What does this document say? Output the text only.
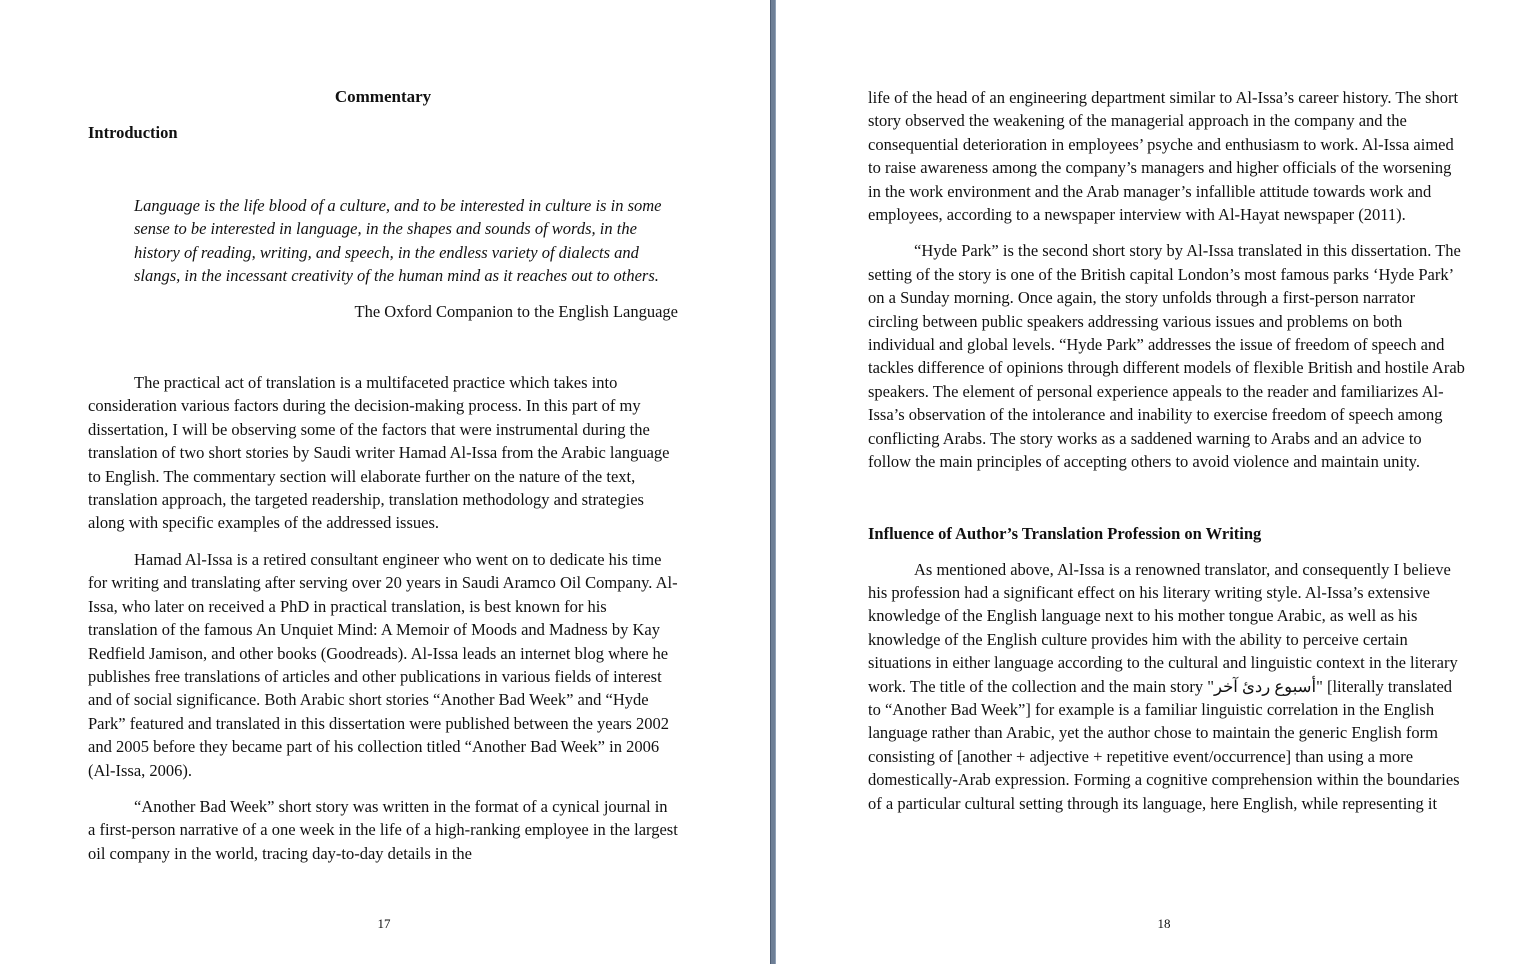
Commentary
Introduction
Language is the life blood of a culture, and to be interested in culture is in some sense to be interested in language, in the shapes and sounds of words, in the history of reading, writing, and speech, in the endless variety of dialects and slangs, in the incessant creativity of the human mind as it reaches out to others.
The Oxford Companion to the English Language

The practical act of translation is a multifaceted practice which takes into consideration various factors during the decision-making process. In this part of my dissertation, I will be observing some of the factors that were instrumental during the translation of two short stories by Saudi writer Hamad Al-Issa from the Arabic language to English. The commentary section will elaborate further on the nature of the text, translation approach, the targeted readership, translation methodology and strategies along with specific examples of the addressed issues.

Hamad Al-Issa is a retired consultant engineer who went on to dedicate his time for writing and translating after serving over 20 years in Saudi Aramco Oil Company. Al-Issa, who later on received a PhD in practical translation, is best known for his translation of the famous An Unquiet Mind: A Memoir of Moods and Madness by Kay Redfield Jamison, and other books (Goodreads). Al-Issa leads an internet blog where he publishes free translations of articles and other publications in various fields of interest and of social significance. Both Arabic short stories “Another Bad Week” and “Hyde Park” featured and translated in this dissertation were published between the years 2002 and 2005 before they became part of his collection titled “Another Bad Week” in 2006 (Al-Issa, 2006).

“Another Bad Week” short story was written in the format of a cynical journal in a first-person narrative of a one week in the life of a high-ranking employee in the largest oil company in the world, tracing day-to-day details in the

17

life of the head of an engineering department similar to Al-Issa’s career history. The short story observed the weakening of the managerial approach in the company and the consequential deterioration in employees’ psyche and enthusiasm to work. Al-Issa aimed to raise awareness among the company’s managers and higher officials of the worsening in the work environment and the Arab manager’s infallible attitude towards work and employees, according to a newspaper interview with Al-Hayat newspaper (2011).

“Hyde Park” is the second short story by Al-Issa translated in this dissertation. The setting of the story is one of the British capital London’s most famous parks ‘Hyde Park’ on a Sunday morning. Once again, the story unfolds through a first-person narrator circling between public speakers addressing various issues and problems on both individual and global levels. “Hyde Park” addresses the issue of freedom of speech and tackles difference of opinions through different models of flexible British and hostile Arab speakers. The element of personal experience appeals to the reader and familiarizes Al-Issa’s observation of the intolerance and inability to exercise freedom of speech among conflicting Arabs. The story works as a saddened warning to Arabs and an advice to follow the main principles of accepting others to avoid violence and maintain unity.

Influence of Author’s Translation Profession on Writing

As mentioned above, Al-Issa is a renowned translator, and consequently I believe his profession had a significant effect on his literary writing style. Al-Issa’s extensive knowledge of the English language next to his mother tongue Arabic, as well as his knowledge of the English culture provides him with the ability to perceive certain situations in either language according to the cultural and linguistic context in the literary work. The title of the collection and the main story "أسبوع ردئ آخر" [literally translated to “Another Bad Week”] for example is a familiar linguistic correlation in the English language rather than Arabic, yet the author chose to maintain the generic English form consisting of [another + adjective + repetitive event/occurrence] than using a more domestically-Arab expression. Forming a cognitive comprehension within the boundaries of a particular cultural setting through its language, here English, while representing it

18
